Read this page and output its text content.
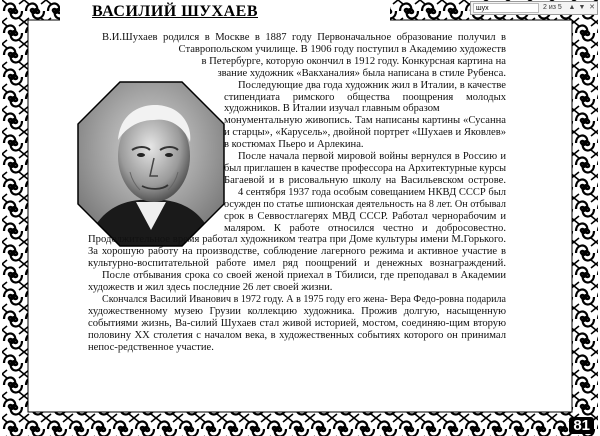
ВАСИЛИЙ ШУХАЕВ
шух	2 из 5 ▲ ▼ ✕
В.И.Шухаев родился в Москве в 1887 году Первоначальное образование получил в
Ставропольском училище. В 1906 году поступил в Академию художеств
в Петербурге, которую окончил в 1912 году. Конкурсная картина на
звание художник «Вакханалия» была написана в стиле Рубенса.
Последующие два года художник жил в Италии, в качестве
стипендиата римского общества поощрения молодых
художников. В Италии изучал главным образом
монументальную живопись. Там написаны картины «Сусанна
и старцы», «Карусель», двойной портрет «Шухаев и Яковлев»
в костюмах Пьеро и Арлекина.
После начала первой мировой войны вернулся в Россию и
был приглашен в качестве профессора на Архитектурные курсы
Багаевой и в рисовальную школу на Васильевском острове.
4 сентября 1937 года особым совещанием НКВД СССР был
осужден по статье шпионская деятельность на 8 лет. Он отбывал
срок в Севвостлагерях МВД СССР. Работал чернорабочим и
маляром. К работе относился честно и добросовестно.
Продолжительное время работал художником театра при Доме культуры имени М.Горького.
За хорошую работу на производстве, соблюдение лагерного режима и активное участие в
культурно-воспитательной работе имел ряд поощрений и денежных вознаграждений.
После отбывания срока со своей женой приехал в Тбилиси, где преподавал в Академии
художеств и жил здесь последние 26 лет своей жизни.
Скончался Василий Иванович в 1972 году. А в 1975 году его жена- Вера Федо-ровна подарила
художественному музею Грузии коллекцию художника. Прожив долгую, насыщенную
событиями жизнь, Ва-силий Шухаев стал живой историей, мостом, соединяю-щим вторую
половину XX столетия с началом века, в художественных событиях которого он принимал
непос-редственное участие.
81
